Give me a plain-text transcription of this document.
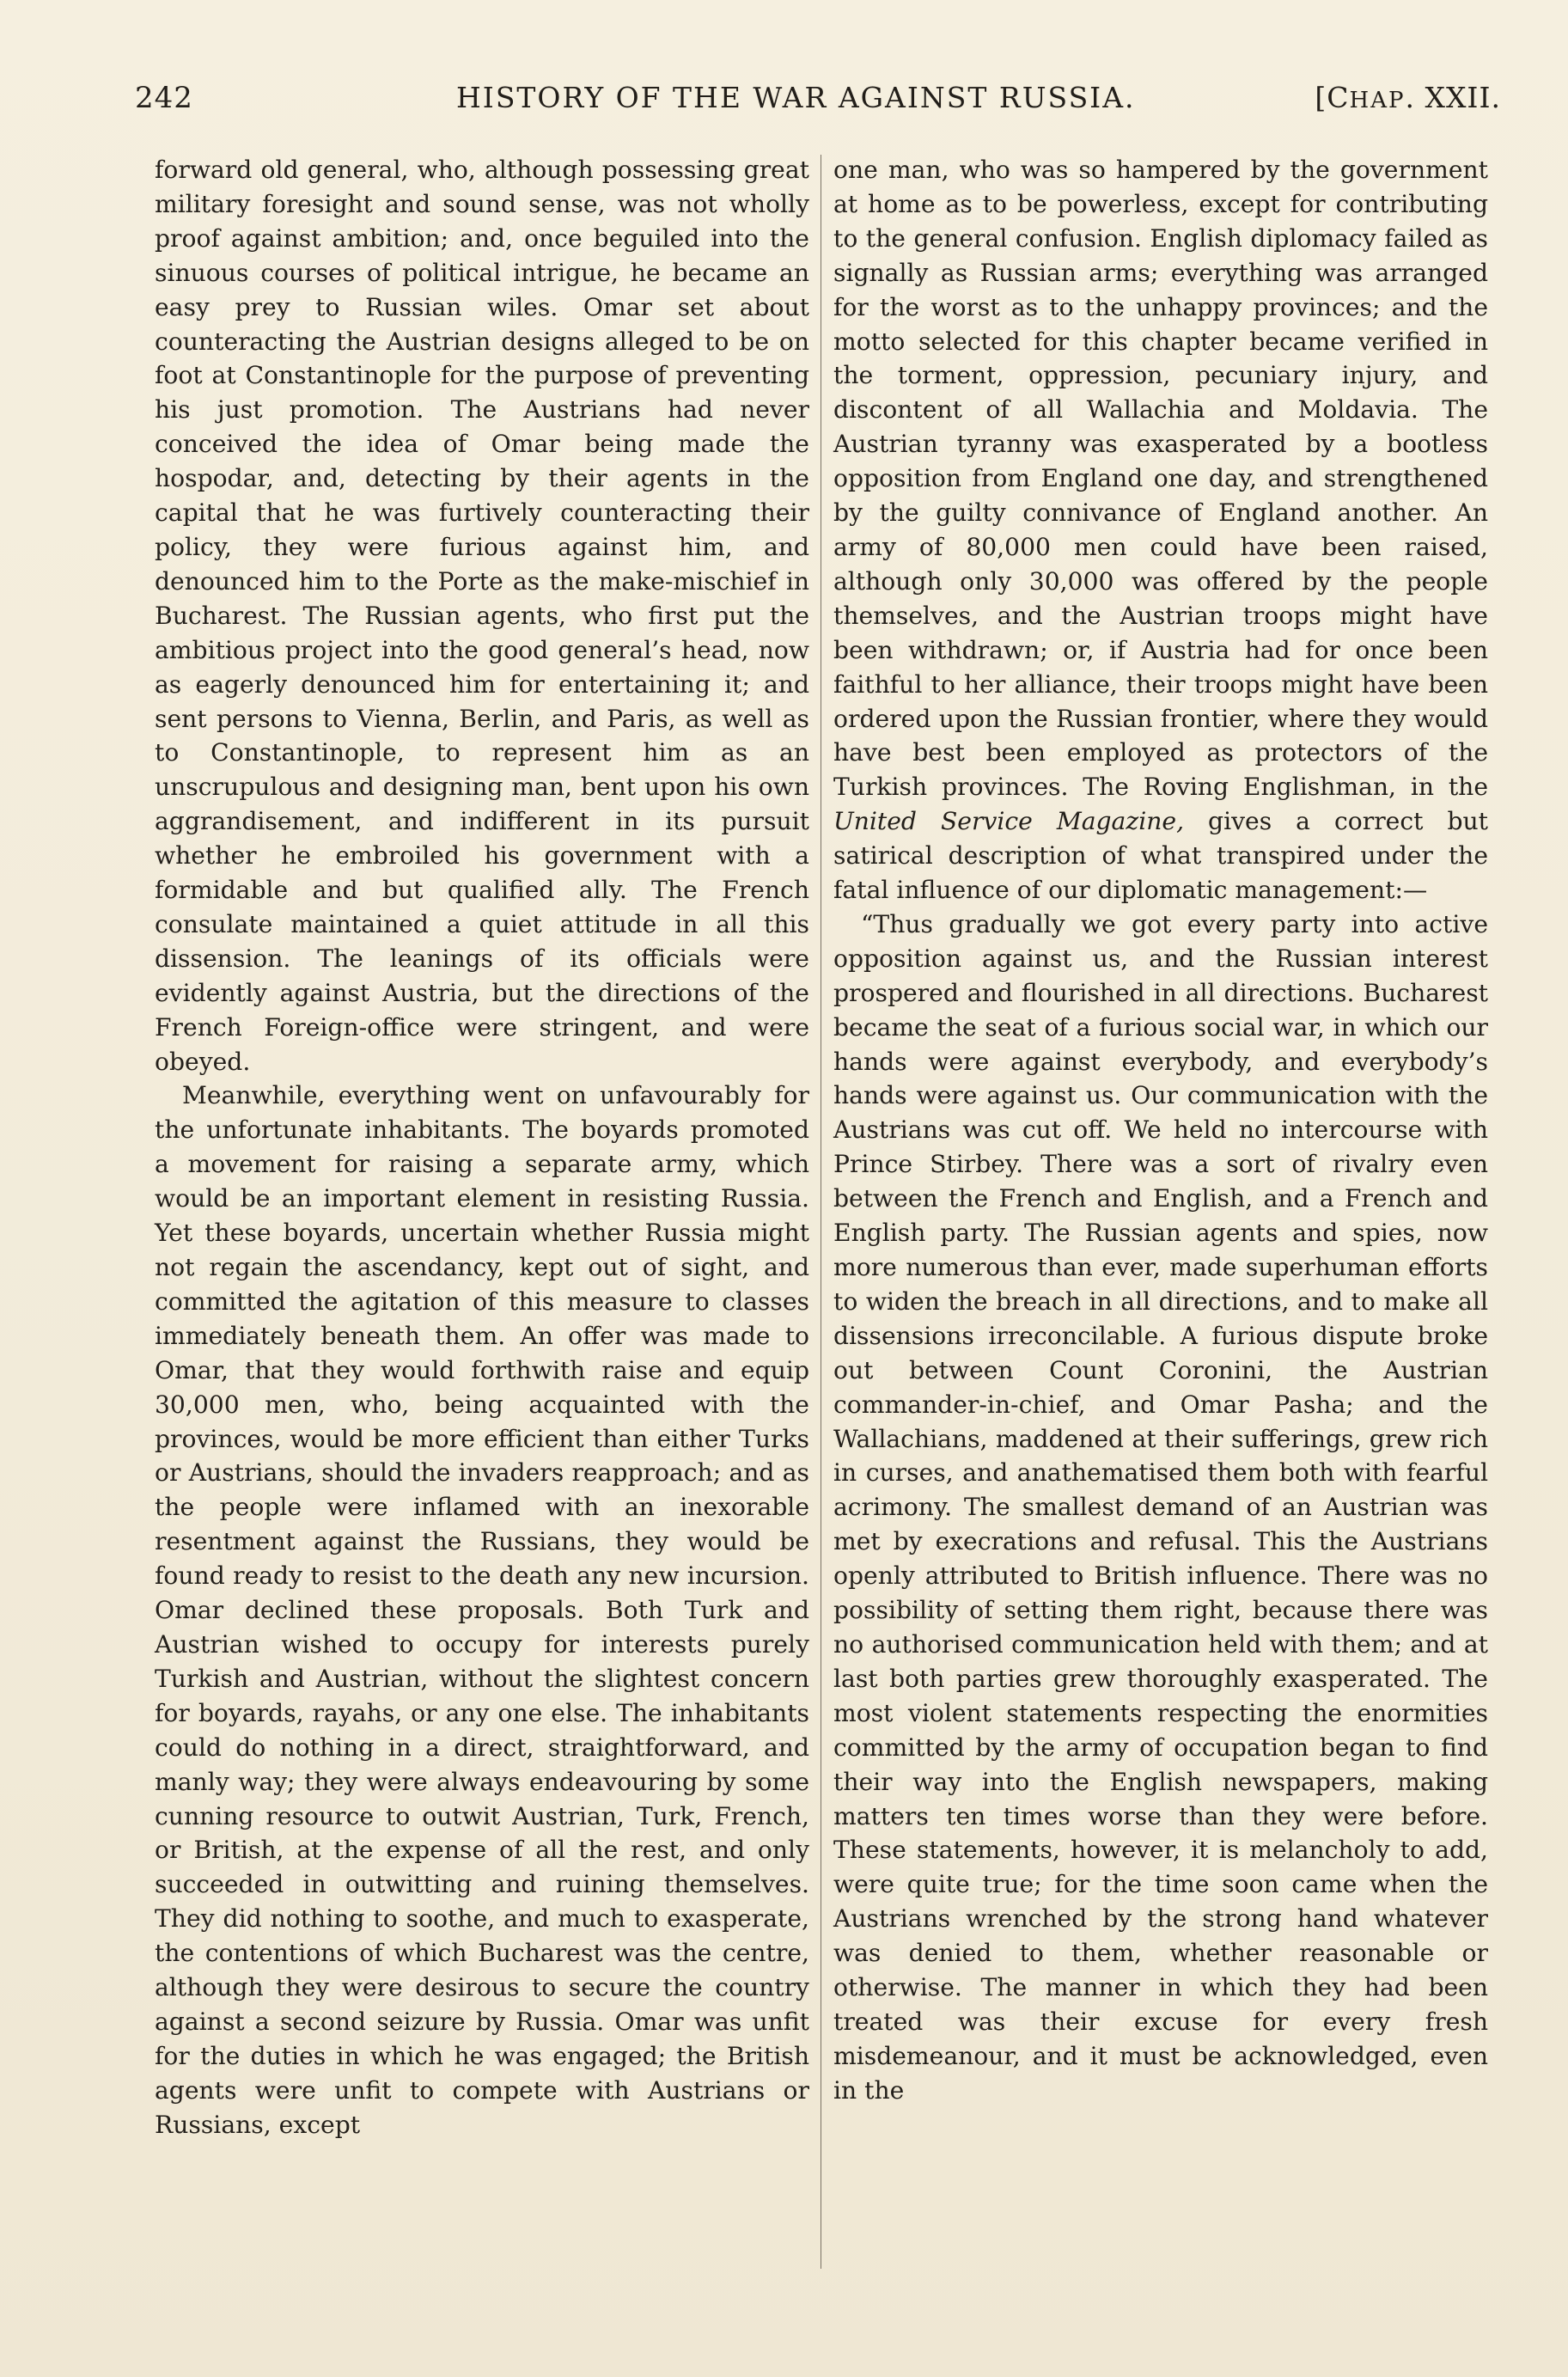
242	HISTORY OF THE WAR AGAINST RUSSIA.	[CHAP. XXII.

forward old general, who, although possessing great military foresight and sound sense, was not wholly proof against ambition; and, once beguiled into the sinuous courses of political intrigue, he became an easy prey to Russian wiles. Omar set about counteracting the Austrian designs alleged to be on foot at Constantinople for the purpose of preventing his just promotion. The Austrians had never conceived the idea of Omar being made the hospodar, and, detecting by their agents in the capital that he was furtively counteracting their policy, they were furious against him, and denounced him to the Porte as the make-mischief in Bucharest. The Russian agents, who first put the ambitious project into the good general’s head, now as eagerly denounced him for entertaining it; and sent persons to Vienna, Berlin, and Paris, as well as to Constantinople, to represent him as an unscrupulous and designing man, bent upon his own aggrandisement, and indifferent in its pursuit whether he embroiled his government with a formidable and but qualified ally. The French consulate maintained a quiet attitude in all this dissension. The leanings of its officials were evidently against Austria, but the directions of the French Foreign-office were stringent, and were obeyed.

Meanwhile, everything went on unfavourably for the unfortunate inhabitants. The boyards promoted a movement for raising a separate army, which would be an important element in resisting Russia. Yet these boyards, uncertain whether Russia might not regain the ascendancy, kept out of sight, and committed the agitation of this measure to classes immediately beneath them. An offer was made to Omar, that they would forthwith raise and equip 30,000 men, who, being acquainted with the provinces, would be more efficient than either Turks or Austrians, should the invaders reapproach; and as the people were inflamed with an inexorable resentment against the Russians, they would be found ready to resist to the death any new incursion. Omar declined these proposals. Both Turk and Austrian wished to occupy for interests purely Turkish and Austrian, without the slightest concern for boyards, rayahs, or any one else. The inhabitants could do nothing in a direct, straightforward, and manly way; they were always endeavouring by some cunning resource to outwit Austrian, Turk, French, or British, at the expense of all the rest, and only succeeded in outwitting and ruining themselves. They did nothing to soothe, and much to exasperate, the contentions of which Bucharest was the centre, although they were desirous to secure the country against a second seizure by Russia. Omar was unfit for the duties in which he was engaged; the British agents were unfit to compete with Austrians or Russians, except

one man, who was so hampered by the government at home as to be powerless, except for contributing to the general confusion. English diplomacy failed as signally as Russian arms; everything was arranged for the worst as to the unhappy provinces; and the motto selected for this chapter became verified in the torment, oppression, pecuniary injury, and discontent of all Wallachia and Moldavia. The Austrian tyranny was exasperated by a bootless opposition from England one day, and strengthened by the guilty connivance of England another. An army of 80,000 men could have been raised, although only 30,000 was offered by the people themselves, and the Austrian troops might have been withdrawn; or, if Austria had for once been faithful to her alliance, their troops might have been ordered upon the Russian frontier, where they would have best been employed as protectors of the Turkish provinces. The Roving Englishman, in the United Service Magazine, gives a correct but satirical description of what transpired under the fatal influence of our diplomatic management:—

“Thus gradually we got every party into active opposition against us, and the Russian interest prospered and flourished in all directions. Bucharest became the seat of a furious social war, in which our hands were against everybody, and everybody’s hands were against us. Our communication with the Austrians was cut off. We held no intercourse with Prince Stirbey. There was a sort of rivalry even between the French and English, and a French and English party. The Russian agents and spies, now more numerous than ever, made superhuman efforts to widen the breach in all directions, and to make all dissensions irreconcilable. A furious dispute broke out between Count Coronini, the Austrian commander-in-chief, and Omar Pasha; and the Wallachians, maddened at their sufferings, grew rich in curses, and anathematised them both with fearful acrimony. The smallest demand of an Austrian was met by execrations and refusal. This the Austrians openly attributed to British influence. There was no possibility of setting them right, because there was no authorised communication held with them; and at last both parties grew thoroughly exasperated. The most violent statements respecting the enormities committed by the army of occupation began to find their way into the English newspapers, making matters ten times worse than they were before. These statements, however, it is melancholy to add, were quite true; for the time soon came when the Austrians wrenched by the strong hand whatever was denied to them, whether reasonable or otherwise. The manner in which they had been treated was their excuse for every fresh misdemeanour, and it must be acknowledged, even in the
